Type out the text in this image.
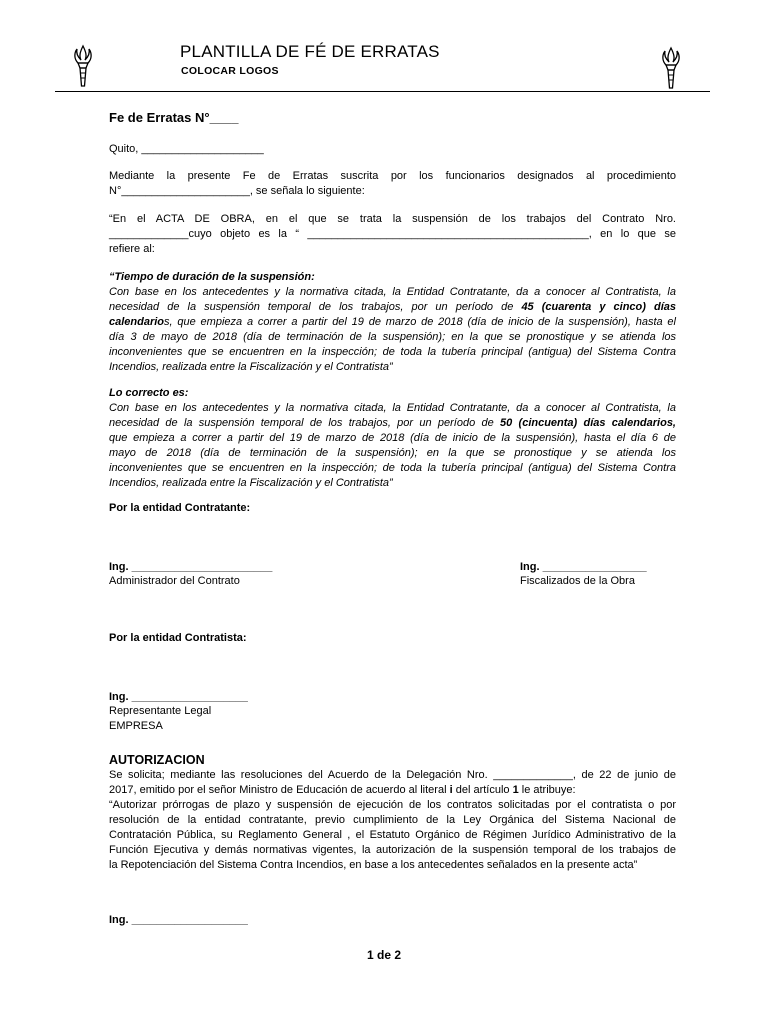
PLANTILLA DE FÉ DE ERRATAS
COLOCAR LOGOS
Fe de Erratas N°____
Quito, ____________________
Mediante la presente Fe de Erratas suscrita por los funcionarios designados al procedimiento
N°_____________________, se señala lo siguiente:
“En el ACTA DE OBRA, en el que se trata la suspensión de los trabajos del Contrato Nro.
_____________cuyo objeto es la “ ______________________________________________, en lo que se
refiere al:
“Tiempo de duración de la suspensión:
Con base en los antecedentes y la normativa citada, la Entidad Contratante, da a conocer al Contratista, la
necesidad de la suspensión temporal de los trabajos, por un período de 45 (cuarenta y cinco) días
calendarios, que empieza a correr a partir del 19 de marzo de 2018 (día de inicio de la suspensión), hasta el
día 3 de mayo de 2018 (día de terminación de la suspensión); en la que se pronostique y se atienda los
inconvenientes que se encuentren en la inspección; de toda la tubería principal (antigua) del Sistema Contra
Incendios, realizada entre la Fiscalización y el Contratista”
Lo correcto es:
Con base en los antecedentes y la normativa citada, la Entidad Contratante, da a conocer al Contratista, la
necesidad de la suspensión temporal de los trabajos, por un período de 50 (cincuenta) días calendarios,
que empieza a correr a partir del 19 de marzo de 2018 (día de inicio de la suspensión), hasta el día 6 de
mayo de 2018 (día de terminación de la suspensión); en la que se pronostique y se atienda los
inconvenientes que se encuentren en la inspección; de toda la tubería principal (antigua) del Sistema Contra
Incendios, realizada entre la Fiscalización y el Contratista”
Por la entidad Contratante:
Ing. _______________________
Administrador del Contrato
Ing. _________________
Fiscalizados de la Obra
Por la entidad Contratista:
Ing. ___________________
Representante Legal
EMPRESA
AUTORIZACION
Se solicita; mediante las resoluciones del Acuerdo de la Delegación Nro. _____________, de 22 de junio de
2017, emitido por el señor Ministro de Educación de acuerdo al literal i del artículo 1 le atribuye:
“Autorizar prórrogas de plazo y suspensión de ejecución de los contratos solicitadas por el contratista o por
resolución de la entidad contratante, previo cumplimiento de la Ley Orgánica del Sistema Nacional de
Contratación Pública, su Reglamento General , el Estatuto Orgánico de Régimen Jurídico Administrativo de la
Función Ejecutiva y demás normativas vigentes, la autorización de la suspensión temporal de los trabajos de
la Repotenciación del Sistema Contra Incendios, en base a los antecedentes señalados en la presente acta”
Ing. ___________________
1 de 2
